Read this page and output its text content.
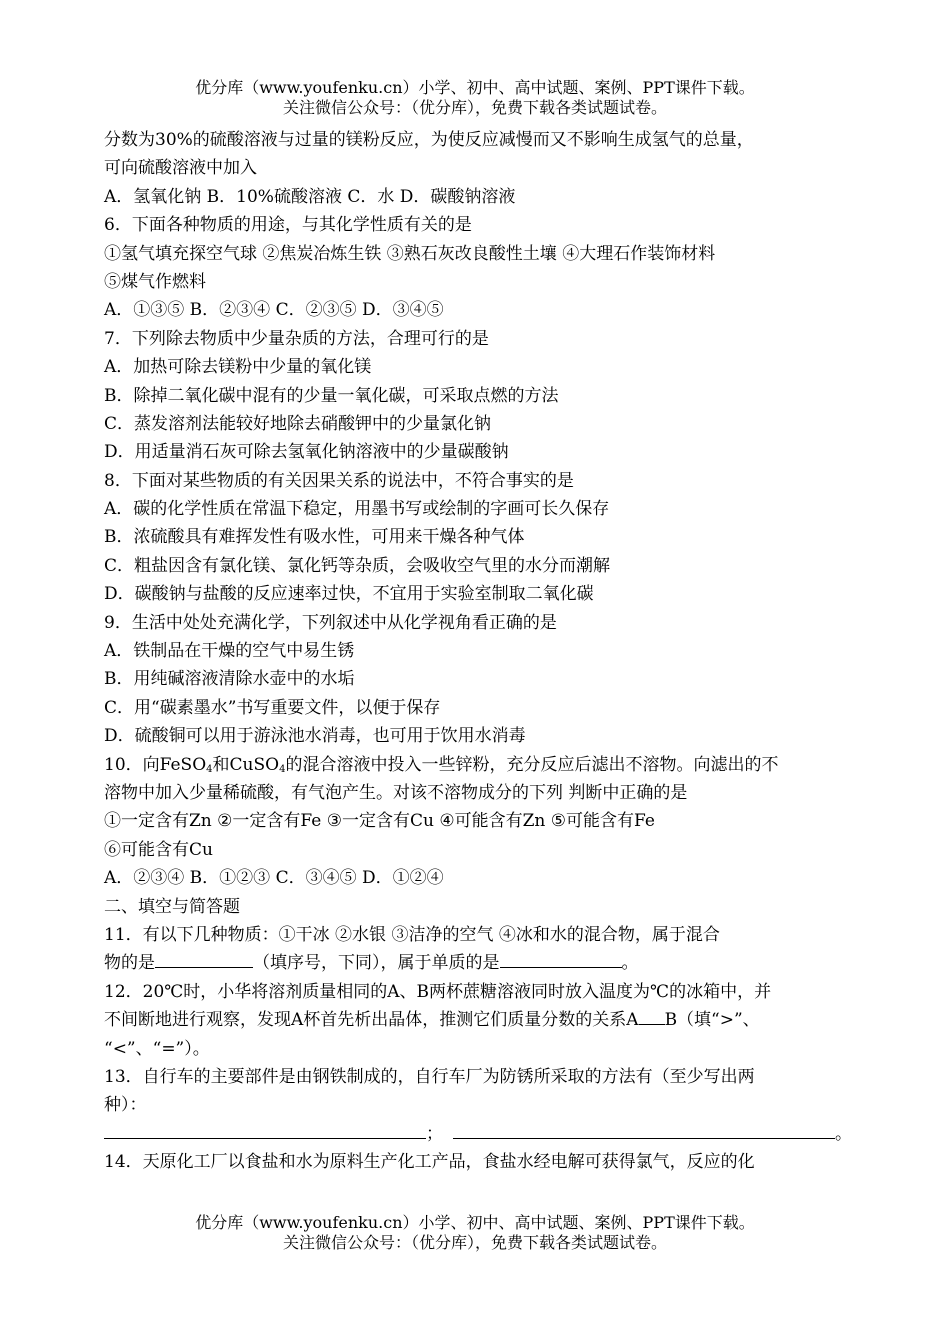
优分库（www.youfenku.cn）小学、初中、高中试题、案例、PPT课件下载。
关注微信公众号：（优分库），免费下载各类试题试卷。
分数为30%的硫酸溶液与过量的镁粉反应，为使反应减慢而又不影响生成氢气的总量，
可向硫酸溶液中加入
A．氢氧化钠 B．10%硫酸溶液 C．水 D．碳酸钠溶液
6．下面各种物质的用途，与其化学性质有关的是
①氢气填充探空气球 ②焦炭冶炼生铁 ③熟石灰改良酸性土壤 ④大理石作装饰材料
⑤煤气作燃料
A．①③⑤ B．②③④ C．②③⑤ D．③④⑤
7．下列除去物质中少量杂质的方法，合理可行的是
A．加热可除去镁粉中少量的氧化镁
B．除掉二氧化碳中混有的少量一氧化碳，可采取点燃的方法
C．蒸发溶剂法能较好地除去硝酸钾中的少量氯化钠
D．用适量消石灰可除去氢氧化钠溶液中的少量碳酸钠
8．下面对某些物质的有关因果关系的说法中，不符合事实的是
A．碳的化学性质在常温下稳定，用墨书写或绘制的字画可长久保存
B．浓硫酸具有难挥发性有吸水性，可用来干燥各种气体
C．粗盐因含有氯化镁、氯化钙等杂质，会吸收空气里的水分而潮解
D．碳酸钠与盐酸的反应速率过快，不宜用于实验室制取二氧化碳
9．生活中处处充满化学，下列叙述中从化学视角看正确的是
A．铁制品在干燥的空气中易生锈
B．用纯碱溶液清除水壶中的水垢
C．用“碳素墨水”书写重要文件，以便于保存
D．硫酸铜可以用于游泳池水消毒，也可用于饮用水消毒
10．向FeSO$_4$和CuSO$_4$的混合溶液中投入一些锌粉，充分反应后滤出不溶物。向滤出的不
溶物中加入少量稀硫酸，有气泡产生。对该不溶物成分的下列 判断中正确的是
①一定含有Zn ②一定含有Fe ③一定含有Cu ④可能含有Zn ⑤可能含有Fe
⑥可能含有Cu
A．②③④ B．①②③ C．③④⑤ D．①②④
二、填空与简答题
11．有以下几种物质：①干冰 ②水银 ③洁净的空气 ④冰和水的混合物，属于混合
物的是	（填序号，下同），属于单质的是	。
12．20℃时，小华将溶剂质量相同的A、B两杯蔗糖溶液同时放入温度为℃的冰箱中，并
不间断地进行观察，发现A杯首先析出晶体，推测它们质量分数的关系A B（填“>”、
“<”、“=”）。
13．自行车的主要部件是由钢铁制成的，自行车厂为防锈所采取的方法有（至少写出两
种）：
；	。
14．天原化工厂以食盐和水为原料生产化工产品，食盐水经电解可获得氯气，反应的化
优分库（www.youfenku.cn）小学、初中、高中试题、案例、PPT课件下载。
关注微信公众号：（优分库），免费下载各类试题试卷。
